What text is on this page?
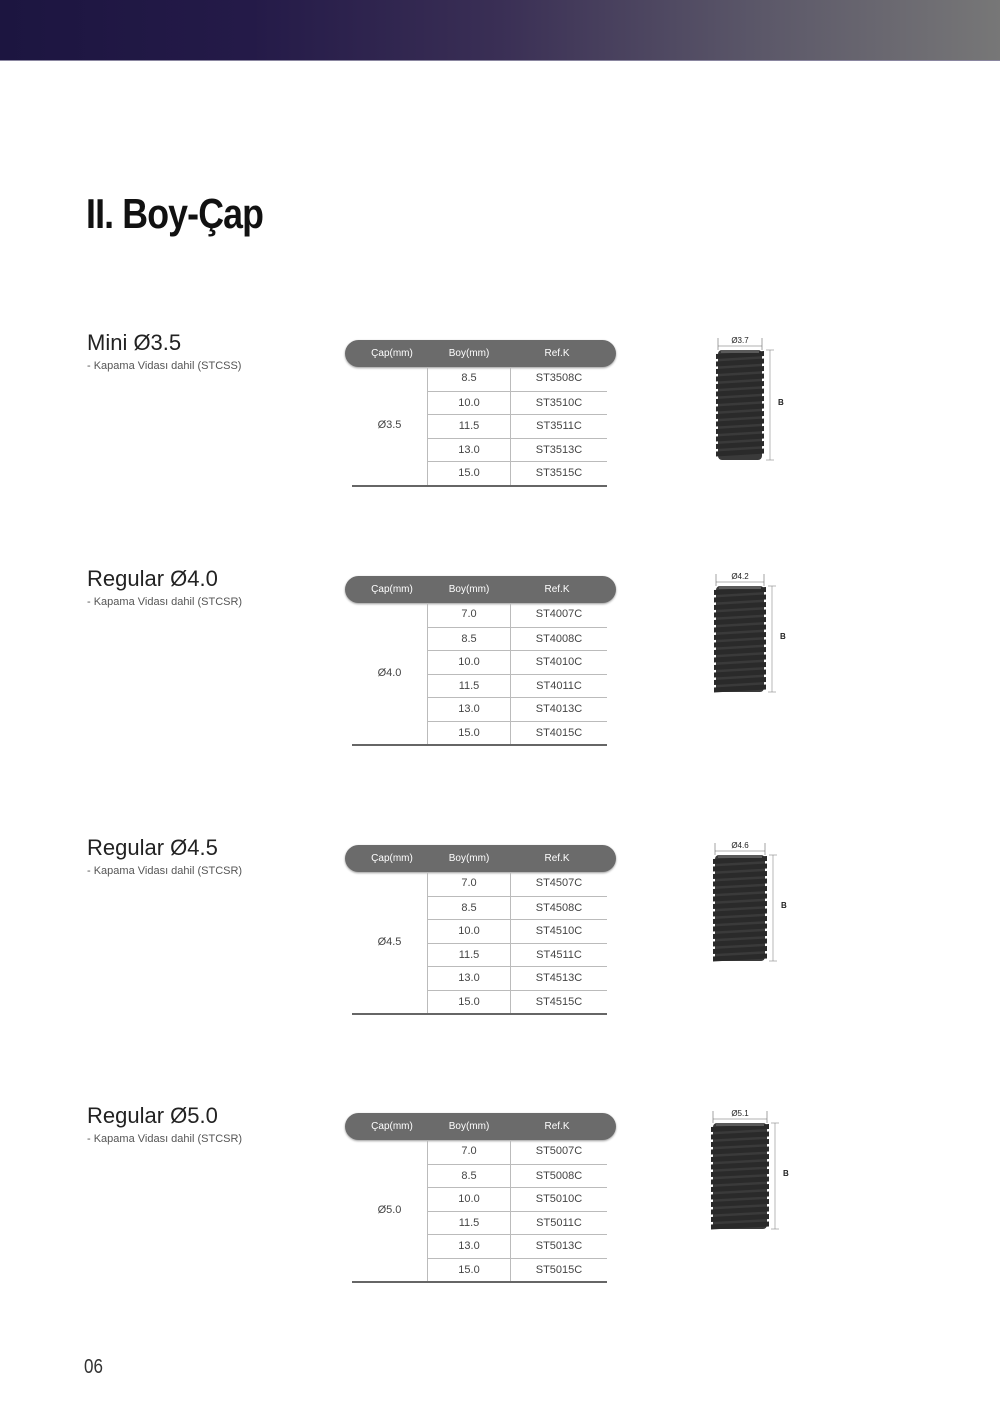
II. Boy-Çap
Mini Ø3.5
- Kapama Vidası dahil (STCSS)
Çap(mm)	Boy(mm)	Ref.K
Ø3.5
8.5	ST3508C
10.0	ST3510C
11.5	ST3511C
13.0	ST3513C
15.0	ST3515C
Ø3.7
B
Regular Ø4.0
- Kapama Vidası dahil (STCSR)
Çap(mm)	Boy(mm)	Ref.K
Ø4.0
7.0	ST4007C
8.5	ST4008C
10.0	ST4010C
11.5	ST4011C
13.0	ST4013C
15.0	ST4015C
Ø4.2
B
Regular Ø4.5
- Kapama Vidası dahil (STCSR)
Çap(mm)	Boy(mm)	Ref.K
Ø4.5
7.0	ST4507C
8.5	ST4508C
10.0	ST4510C
11.5	ST4511C
13.0	ST4513C
15.0	ST4515C
Ø4.6
B
Regular Ø5.0
- Kapama Vidası dahil (STCSR)
Çap(mm)	Boy(mm)	Ref.K
Ø5.0
7.0	ST5007C
8.5	ST5008C
10.0	ST5010C
11.5	ST5011C
13.0	ST5013C
15.0	ST5015C
Ø5.1
B
06
